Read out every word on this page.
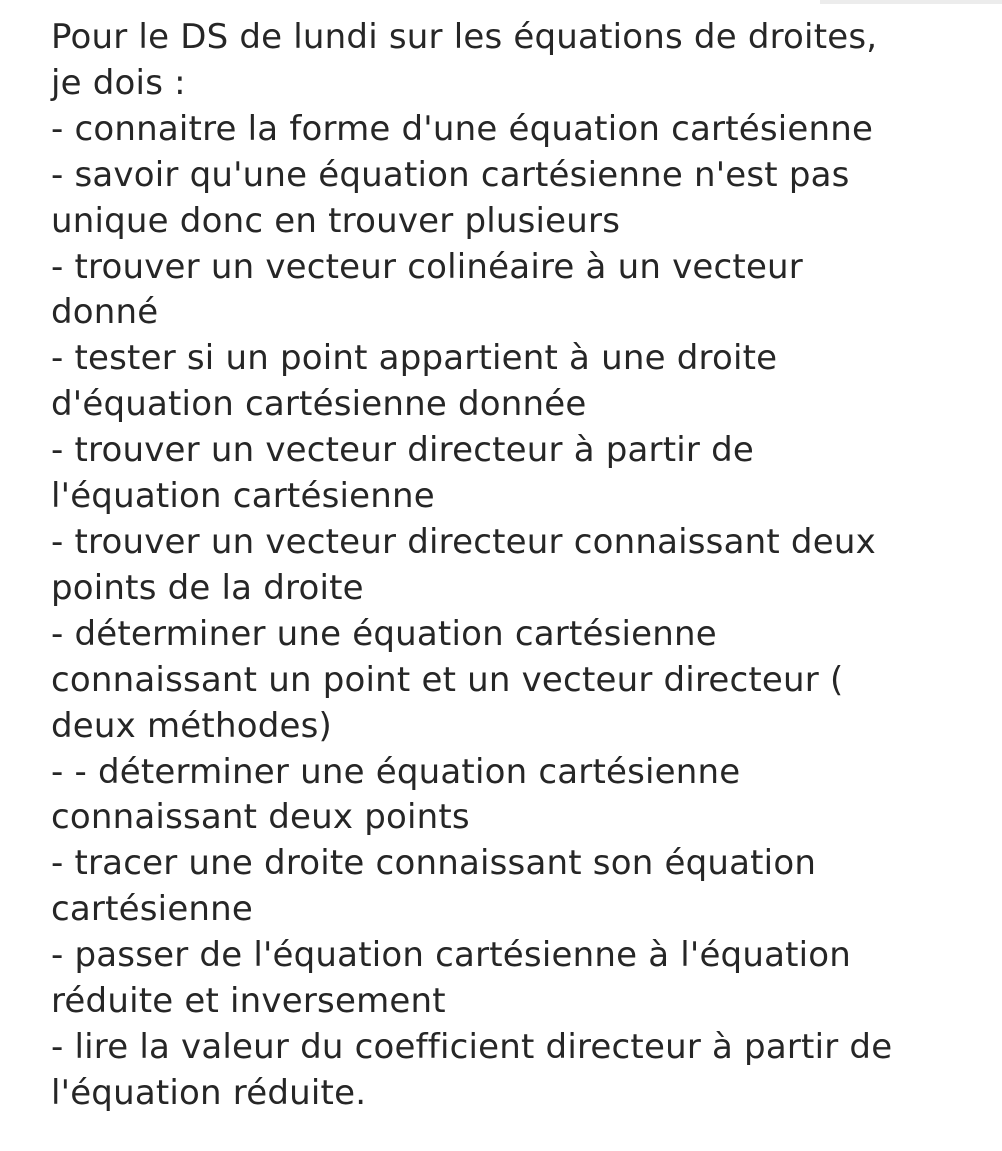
Pour le DS de lundi sur les équations de droites,

je dois :

- connaitre la forme d'une équation cartésienne

- savoir qu'une équation cartésienne n'est pas

unique donc en trouver plusieurs

- trouver un vecteur colinéaire à un vecteur

donné

- tester si un point appartient à une droite

d'équation cartésienne donnée

- trouver un vecteur directeur à partir de

l'équation cartésienne

- trouver un vecteur directeur connaissant deux

points de la droite

- déterminer une équation cartésienne

connaissant un point et un vecteur directeur (

deux méthodes)

- - déterminer une équation cartésienne

connaissant deux points

- tracer une droite connaissant son équation

cartésienne

- passer de l'équation cartésienne à l'équation

réduite et inversement

- lire la valeur du coefficient directeur à partir de

l'équation réduite.
